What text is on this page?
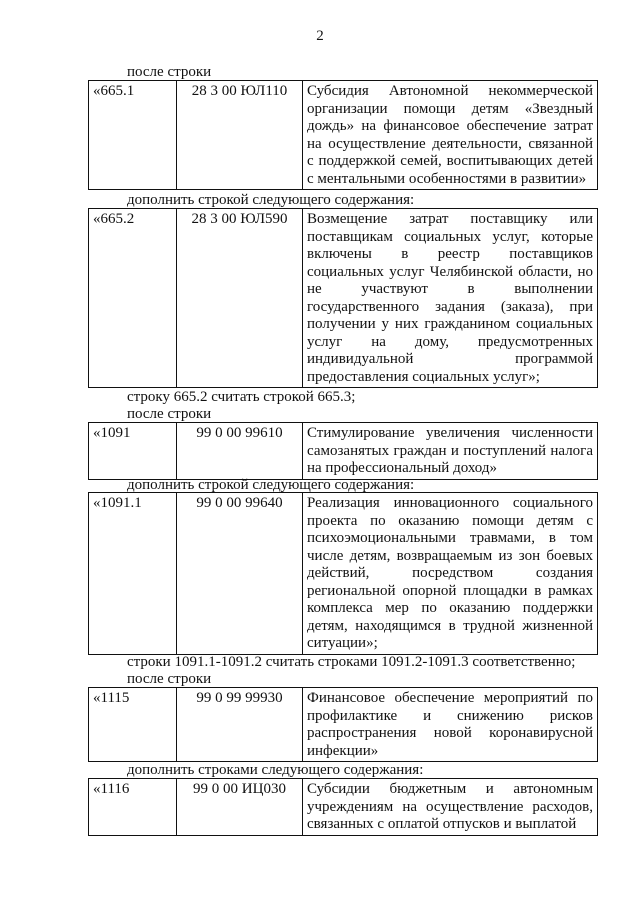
2
после строки
«665.1	28 3 00 ЮЛ110	Субсидия Автономной некоммерческой организации помощи детям «Звездный дождь» на финансовое обеспечение затрат на осуществление деятельности, связанной с поддержкой семей, воспитывающих детей с ментальными особенностями в развитии»
дополнить строкой следующего содержания:
«665.2	28 3 00 ЮЛ590	Возмещение затрат поставщику или поставщикам социальных услуг, которые включены в реестр поставщиков социальных услуг Челябинской области, но не участвуют в выполнении государственного задания (заказа), при получении у них гражданином социальных услуг на дому, предусмотренных индивидуальной программой предоставления социальных услуг»;
строку 665.2 считать строкой 665.3;
после строки
«1091	99 0 00 99610	Стимулирование увеличения численности самозанятых граждан и поступлений налога на профессиональный доход»
дополнить строкой следующего содержания:
«1091.1	99 0 00 99640	Реализация инновационного социального проекта по оказанию помощи детям с психоэмоциональными травмами, в том числе детям, возвращаемым из зон боевых действий, посредством создания региональной опорной площадки в рамках комплекса мер по оказанию поддержки детям, находящимся в трудной жизненной ситуации»;
строки 1091.1-1091.2 считать строками 1091.2-1091.3 соответственно;
после строки
«1115	99 0 99 99930	Финансовое обеспечение мероприятий по профилактике и снижению рисков распространения новой коронавирусной инфекции»
дополнить строками следующего содержания:
«1116	99 0 00 ИЦ030	Субсидии бюджетным и автономным учреждениям на осуществление расходов, связанных с оплатой отпусков и выплатой
